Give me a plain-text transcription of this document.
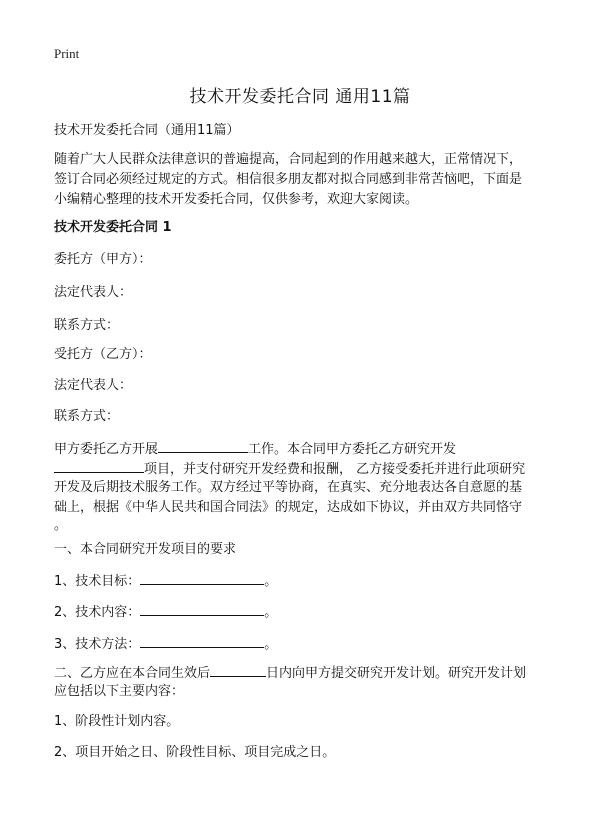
Print
技术开发委托合同 通用11篇
技术开发委托合同（通用11篇）
随着广大人民群众法律意识的普遍提高，合同起到的作用越来越大，正常情况下，
签订合同必须经过规定的方式。相信很多朋友都对拟合同感到非常苦恼吧，下面是
小编精心整理的技术开发委托合同，仅供参考，欢迎大家阅读。
技术开发委托合同 1
委托方（甲方）：
法定代表人：
联系方式：
受托方（乙方）：
法定代表人：
联系方式：
甲方委托乙方开展	工作。本合同甲方委托乙方研究开发
项目，并支付研究开发经费和报酬， 乙方接受委托并进行此项研究
开发及后期技术服务工作。双方经过平等协商，在真实、充分地表达各自意愿的基
础上，根据《中华人民共和国合同法》的规定，达成如下协议，并由双方共同恪守
。
一、本合同研究开发项目的要求
1、技术目标：	。
2、技术内容：	。
3、技术方法：	。
二、乙方应在本合同生效后	日内向甲方提交研究开发计划。研究开发计划
应包括以下主要内容：
1、阶段性计划内容。
2、项目开始之日、阶段性目标、项目完成之日。
